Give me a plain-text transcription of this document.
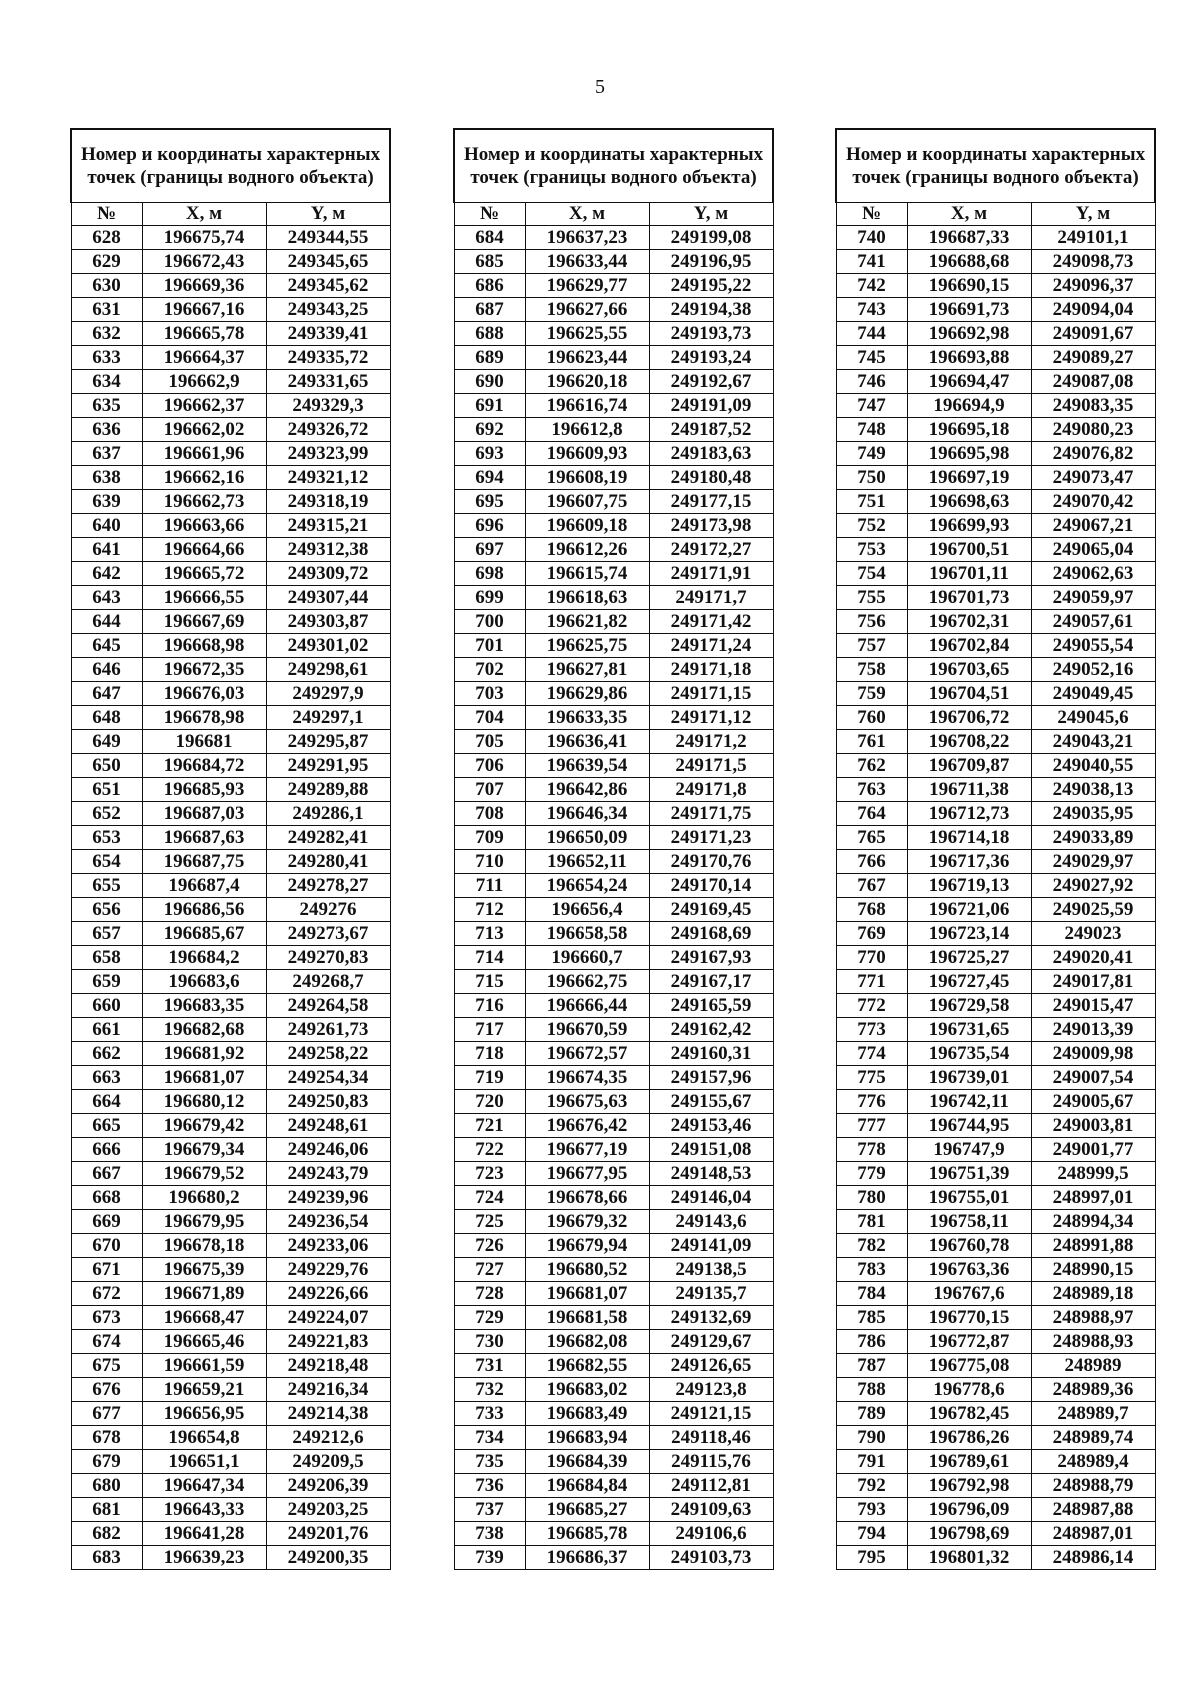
5
Номер и координаты характерных точек (границы водного объекта)		
№	X, м	Y, м
628	196675,74	249344,55
629	196672,43	249345,65
630	196669,36	249345,62
631	196667,16	249343,25
632	196665,78	249339,41
633	196664,37	249335,72
634	196662,9	249331,65
635	196662,37	249329,3
636	196662,02	249326,72
637	196661,96	249323,99
638	196662,16	249321,12
639	196662,73	249318,19
640	196663,66	249315,21
641	196664,66	249312,38
642	196665,72	249309,72
643	196666,55	249307,44
644	196667,69	249303,87
645	196668,98	249301,02
646	196672,35	249298,61
647	196676,03	249297,9
648	196678,98	249297,1
649	196681	249295,87
650	196684,72	249291,95
651	196685,93	249289,88
652	196687,03	249286,1
653	196687,63	249282,41
654	196687,75	249280,41
655	196687,4	249278,27
656	196686,56	249276
657	196685,67	249273,67
658	196684,2	249270,83
659	196683,6	249268,7
660	196683,35	249264,58
661	196682,68	249261,73
662	196681,92	249258,22
663	196681,07	249254,34
664	196680,12	249250,83
665	196679,42	249248,61
666	196679,34	249246,06
667	196679,52	249243,79
668	196680,2	249239,96
669	196679,95	249236,54
670	196678,18	249233,06
671	196675,39	249229,76
672	196671,89	249226,66
673	196668,47	249224,07
674	196665,46	249221,83
675	196661,59	249218,48
676	196659,21	249216,34
677	196656,95	249214,38
678	196654,8	249212,6
679	196651,1	249209,5
680	196647,34	249206,39
681	196643,33	249203,25
682	196641,28	249201,76
683	196639,23	249200,35
Номер и координаты характерных точек (границы водного объекта)		
№	X, м	Y, м
684	196637,23	249199,08
685	196633,44	249196,95
686	196629,77	249195,22
687	196627,66	249194,38
688	196625,55	249193,73
689	196623,44	249193,24
690	196620,18	249192,67
691	196616,74	249191,09
692	196612,8	249187,52
693	196609,93	249183,63
694	196608,19	249180,48
695	196607,75	249177,15
696	196609,18	249173,98
697	196612,26	249172,27
698	196615,74	249171,91
699	196618,63	249171,7
700	196621,82	249171,42
701	196625,75	249171,24
702	196627,81	249171,18
703	196629,86	249171,15
704	196633,35	249171,12
705	196636,41	249171,2
706	196639,54	249171,5
707	196642,86	249171,8
708	196646,34	249171,75
709	196650,09	249171,23
710	196652,11	249170,76
711	196654,24	249170,14
712	196656,4	249169,45
713	196658,58	249168,69
714	196660,7	249167,93
715	196662,75	249167,17
716	196666,44	249165,59
717	196670,59	249162,42
718	196672,57	249160,31
719	196674,35	249157,96
720	196675,63	249155,67
721	196676,42	249153,46
722	196677,19	249151,08
723	196677,95	249148,53
724	196678,66	249146,04
725	196679,32	249143,6
726	196679,94	249141,09
727	196680,52	249138,5
728	196681,07	249135,7
729	196681,58	249132,69
730	196682,08	249129,67
731	196682,55	249126,65
732	196683,02	249123,8
733	196683,49	249121,15
734	196683,94	249118,46
735	196684,39	249115,76
736	196684,84	249112,81
737	196685,27	249109,63
738	196685,78	249106,6
739	196686,37	249103,73
Номер и координаты характерных точек (границы водного объекта)		
№	X, м	Y, м
740	196687,33	249101,1
741	196688,68	249098,73
742	196690,15	249096,37
743	196691,73	249094,04
744	196692,98	249091,67
745	196693,88	249089,27
746	196694,47	249087,08
747	196694,9	249083,35
748	196695,18	249080,23
749	196695,98	249076,82
750	196697,19	249073,47
751	196698,63	249070,42
752	196699,93	249067,21
753	196700,51	249065,04
754	196701,11	249062,63
755	196701,73	249059,97
756	196702,31	249057,61
757	196702,84	249055,54
758	196703,65	249052,16
759	196704,51	249049,45
760	196706,72	249045,6
761	196708,22	249043,21
762	196709,87	249040,55
763	196711,38	249038,13
764	196712,73	249035,95
765	196714,18	249033,89
766	196717,36	249029,97
767	196719,13	249027,92
768	196721,06	249025,59
769	196723,14	249023
770	196725,27	249020,41
771	196727,45	249017,81
772	196729,58	249015,47
773	196731,65	249013,39
774	196735,54	249009,98
775	196739,01	249007,54
776	196742,11	249005,67
777	196744,95	249003,81
778	196747,9	249001,77
779	196751,39	248999,5
780	196755,01	248997,01
781	196758,11	248994,34
782	196760,78	248991,88
783	196763,36	248990,15
784	196767,6	248989,18
785	196770,15	248988,97
786	196772,87	248988,93
787	196775,08	248989
788	196778,6	248989,36
789	196782,45	248989,7
790	196786,26	248989,74
791	196789,61	248989,4
792	196792,98	248988,79
793	196796,09	248987,88
794	196798,69	248987,01
795	196801,32	248986,14
